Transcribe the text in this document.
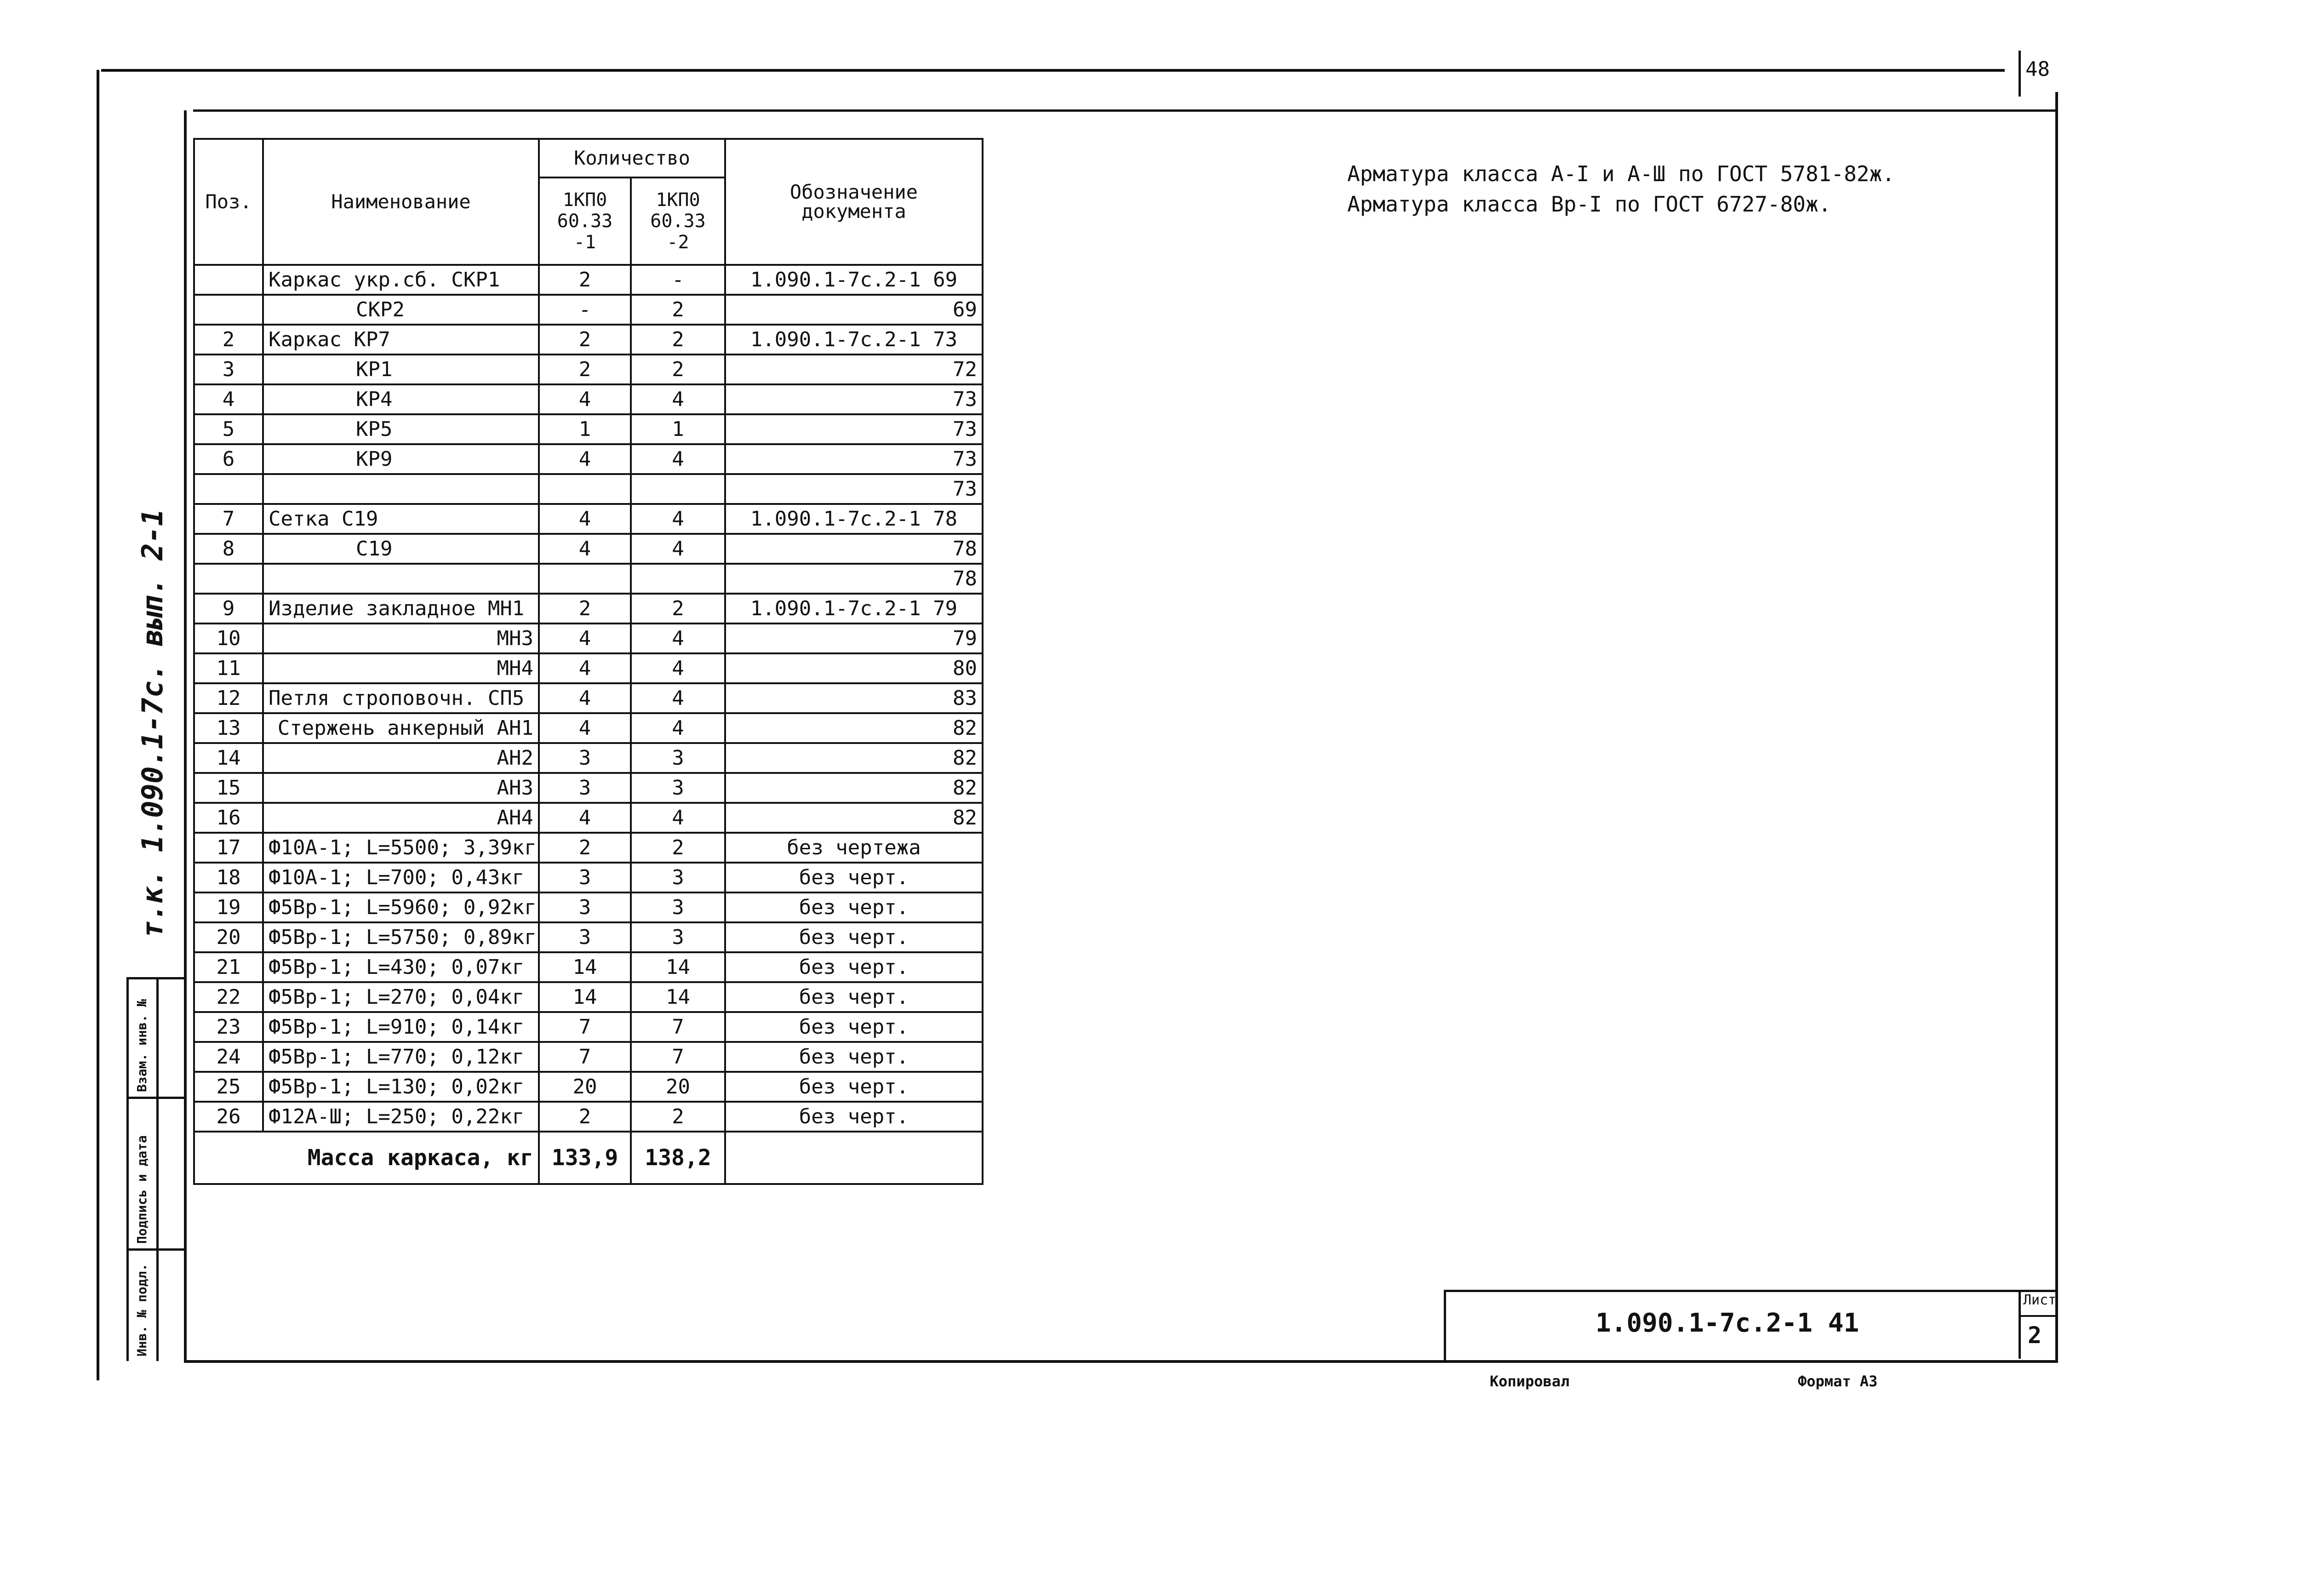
48
Арматура класса А-I и А-Ш по ГОСТ 5781-82ж.
Арматура класса Вр-I по ГОСТ 6727-80ж.
т.к. 1.090.1-7с. вып. 2-1
Взам. инв. №
Подпись и дата
Инв. № подл.
Поз.	Наименование	Количество		Обозначение документа
		1КП0 60.33 -1	1КП0 60.33 -2	
	Каркас укр.сб. СКР1	2	-	1.090.1-7с.2-1 69
	СКР2	-	2	69
2	Каркас КР7	2	2	1.090.1-7с.2-1 73
3	КР1	2	2	72
4	КР4	4	4	73
5	КР5	1	1	73
6	КР9	4	4	73
				73
7	Сетка С19	4	4	1.090.1-7с.2-1 78
8	С19	4	4	78
				78
9	Изделие закладное МН1	2	2	1.090.1-7с.2-1 79
10	МН3	4	4	79
11	МН4	4	4	80
12	Петля строповочн. СП5	4	4	83
13	Стержень анкерный АН1	4	4	82
14	АН2	3	3	82
15	АН3	3	3	82
16	АН4	4	4	82
17	Ф10А-1; L=5500; 3,39кг	2	2	без чертежа
18	Ф10А-1; L=700; 0,43кг	3	3	без черт.
19	Ф5Вр-1; L=5960; 0,92кг	3	3	без черт.
20	Ф5Вр-1; L=5750; 0,89кг	3	3	без черт.
21	Ф5Вр-1; L=430; 0,07кг	14	14	без черт.
22	Ф5Вр-1; L=270; 0,04кг	14	14	без черт.
23	Ф5Вр-1; L=910; 0,14кг	7	7	без черт.
24	Ф5Вр-1; L=770; 0,12кг	7	7	без черт.
25	Ф5Вр-1; L=130; 0,02кг	20	20	без черт.
26	Ф12А-Ш; L=250; 0,22кг	2	2	без черт.
Масса каркаса, кг		133,9	138,2	
1.090.1-7с.2-1 41
Лист
2
Копировал	Формат А3
